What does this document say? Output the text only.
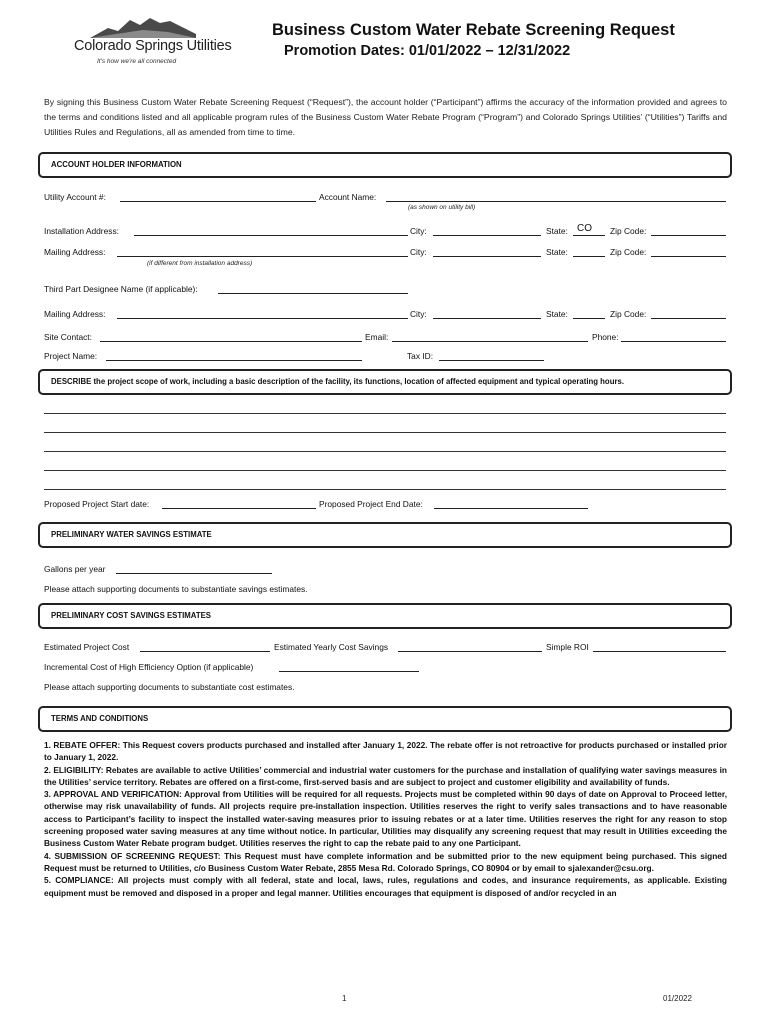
Colorado Springs Utilities
It's how we're all connected
Business Custom Water Rebate Screening Request
Promotion Dates: 01/01/2022 – 12/31/2022
By signing this Business Custom Water Rebate Screening Request (“Request”), the account holder (“Participant”) affirms the accuracy of the information provided and agrees to the terms and conditions listed and all applicable program rules of the Business Custom Water Rebate Program (“Program”) and Colorado Springs Utilities’ (“Utilities”) Tariffs and Utilities Rules and Regulations, all as amended from time to time.
ACCOUNT HOLDER INFORMATION
Utility Account #:	Account Name:
(as shown on utility bill)
Installation Address:	City:	State: CO Zip Code:
Mailing Address:	City:	State:	Zip Code:
(if different from installation address)
Third Part Designee Name (if applicable):
Mailing Address:	City:	State:	Zip Code:
Site Contact:	Email:	Phone:
Project Name:	Tax ID:
DESCRIBE the project scope of work, including a basic description of the facility, its functions, location of affected equipment and typical operating hours.
Proposed Project Start date:	Proposed Project End Date:
PRELIMINARY WATER SAVINGS ESTIMATE
Gallons per year
Please attach supporting documents to substantiate savings estimates.
PRELIMINARY COST SAVINGS ESTIMATES
Estimated Project Cost	Estimated Yearly Cost Savings	Simple ROI
Incremental Cost of High Efficiency Option (if applicable)
Please attach supporting documents to substantiate cost estimates.
TERMS AND CONDITIONS

1. REBATE OFFER: This Request covers products purchased and installed after January 1, 2022. The rebate offer is not retroactive for products purchased or installed prior to January 1, 2022.

2. ELIGIBILITY: Rebates are available to active Utilities’ commercial and industrial water customers for the purchase and installation of qualifying water savings measures in the Utilities’ service territory. Rebates are offered on a first-come, first-served basis and are subject to project and customer eligibility and availability of funds.

3. APPROVAL AND VERIFICATION: Approval from Utilities will be required for all requests. Projects must be completed within 90 days of date on Approval to Proceed letter, otherwise may risk unavailability of funds. All projects require pre-installation inspection. Utilities reserves the right to verify sales transactions and to have reasonable access to Participant’s facility to inspect the installed water-saving measures prior to issuing rebates or at a later time. Utilities reserves the right for any reason to stop screening proposed water saving measures at any time without notice. In particular, Utilities may disqualify any screening request that may result in Utilities exceeding the Business Custom Water Rebate program budget. Utilities reserves the right to cap the rebate paid to any one Participant.

4. SUBMISSION OF SCREENING REQUEST: This Request must have complete information and be submitted prior to the new equipment being purchased. This signed Request must be returned to Utilities, c/o Business Custom Water Rebate, 2855 Mesa Rd. Colorado Springs, CO 80904 or by email to sjalexander@csu.org.

5. COMPLIANCE: All projects must comply with all federal, state and local, laws, rules, regulations and codes, and insurance requirements, as applicable. Existing equipment must be removed and disposed in a proper and legal manner. Utilities encourages that equipment is disposed of and/or recycled in an

1	01/2022
